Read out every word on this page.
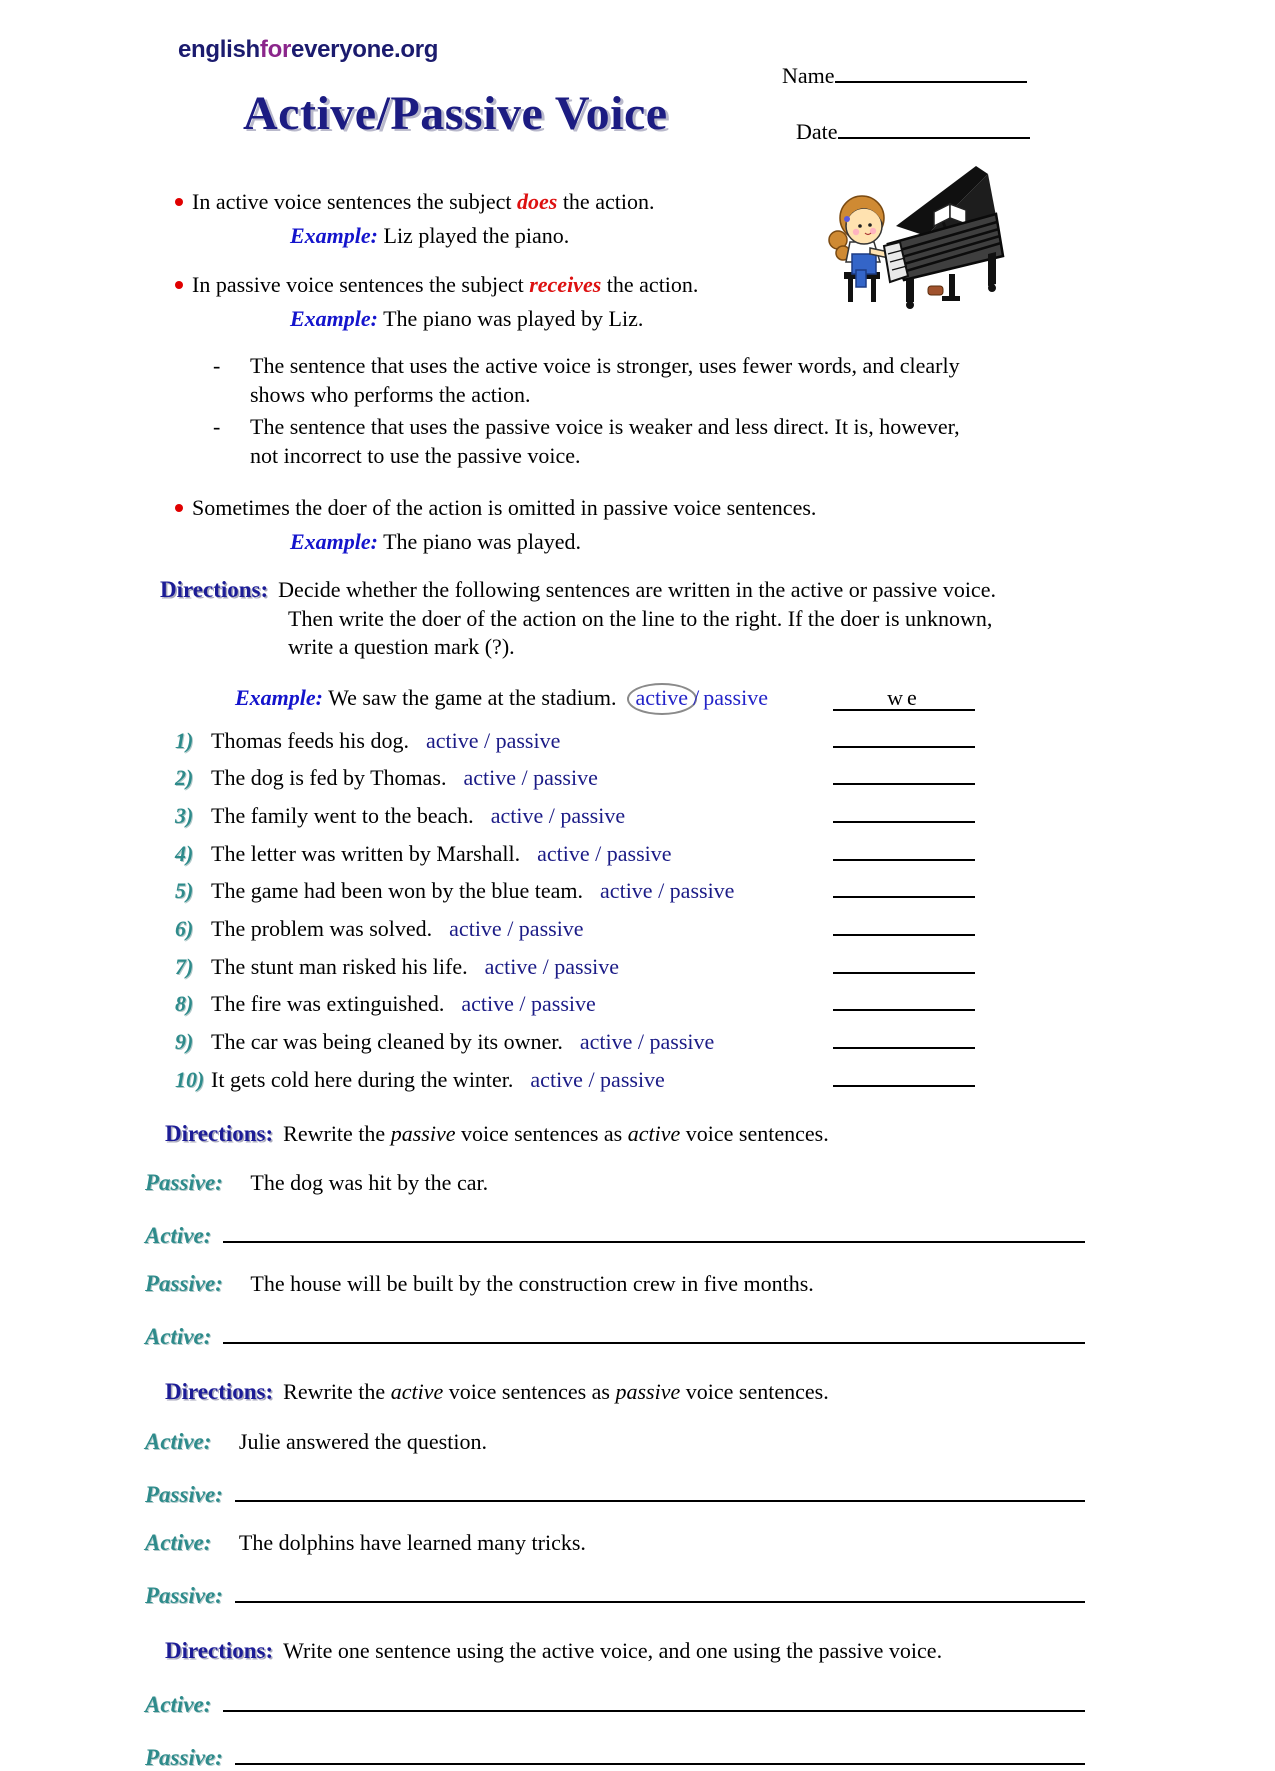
englishforeveryone.org
Name
Date
Active/Passive Voice
In active voice sentences the subject does the action.
Example: Liz played the piano.
In passive voice sentences the subject receives the action.
Example: The piano was played by Liz.
-	The sentence that uses the active voice is stronger, uses fewer words, and clearly
shows who performs the action.
-	The sentence that uses the passive voice is weaker and less direct. It is, however,
not incorrect to use the passive voice.
Sometimes the doer of the action is omitted in passive voice sentences.
Example: The piano was played.
Directions: Decide whether the following sentences are written in the active or passive voice.
Then write the doer of the action on the line to the right. If the doer is unknown,
write a question mark (?).
Example: We saw the game at the stadium. active / passive	we
1) Thomas feeds his dog. active / passive
2) The dog is fed by Thomas. active / passive
3) The family went to the beach. active / passive
4) The letter was written by Marshall. active / passive
5) The game had been won by the blue team. active / passive
6) The problem was solved. active / passive
7) The stunt man risked his life. active / passive
8) The fire was extinguished. active / passive
9) The car was being cleaned by its owner. active / passive
10) It gets cold here during the winter. active / passive
Directions: Rewrite the passive voice sentences as active voice sentences.
Passive: The dog was hit by the car.
Active:
Passive: The house will be built by the construction crew in five months.
Active:
Directions: Rewrite the active voice sentences as passive voice sentences.
Active: Julie answered the question.
Passive:
Active: The dolphins have learned many tricks.
Passive:
Directions: Write one sentence using the active voice, and one using the passive voice.
Active:
Passive:
